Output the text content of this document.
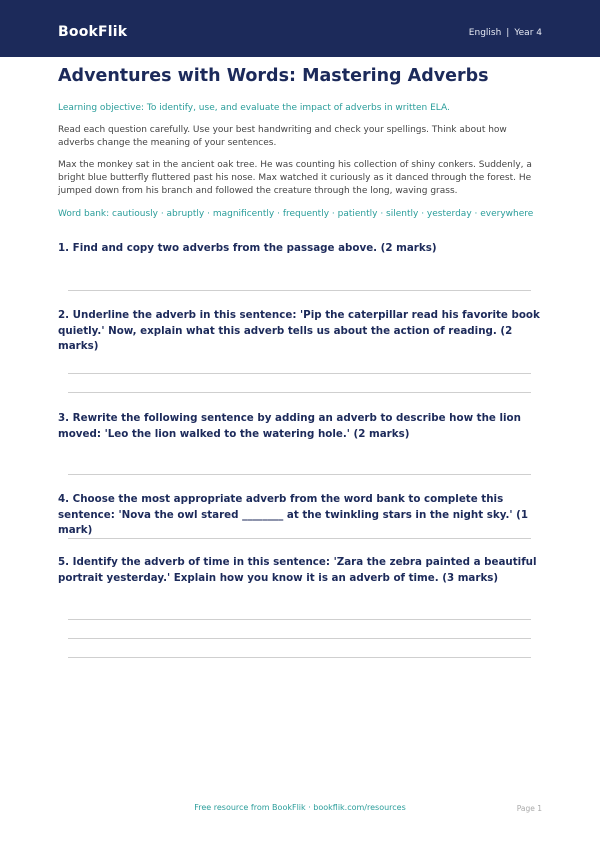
BookFlik	English | Year 4
Adventures with Words: Mastering Adverbs
Learning objective: To identify, use, and evaluate the impact of adverbs in written ELA.
Read each question carefully. Use your best handwriting and check your spellings. Think about how adverbs change the meaning of your sentences.
Max the monkey sat in the ancient oak tree. He was counting his collection of shiny conkers. Suddenly, a bright blue butterfly fluttered past his nose. Max watched it curiously as it danced through the forest. He jumped down from his branch and followed the creature through the long, waving grass.
Word bank: cautiously · abruptly · magnificently · frequently · patiently · silently · yesterday · everywhere
1. Find and copy two adverbs from the passage above. (2 marks)
2. Underline the adverb in this sentence: 'Pip the caterpillar read his favorite book quietly.' Now, explain what this adverb tells us about the action of reading. (2 marks)
3. Rewrite the following sentence by adding an adverb to describe how the lion moved: 'Leo the lion walked to the watering hole.' (2 marks)
4. Choose the most appropriate adverb from the word bank to complete this sentence: 'Nova the owl stared ________ at the twinkling stars in the night sky.' (1 mark)
5. Identify the adverb of time in this sentence: 'Zara the zebra painted a beautiful portrait yesterday.' Explain how you know it is an adverb of time. (3 marks)
Free resource from BookFlik · bookflik.com/resources	Page 1
